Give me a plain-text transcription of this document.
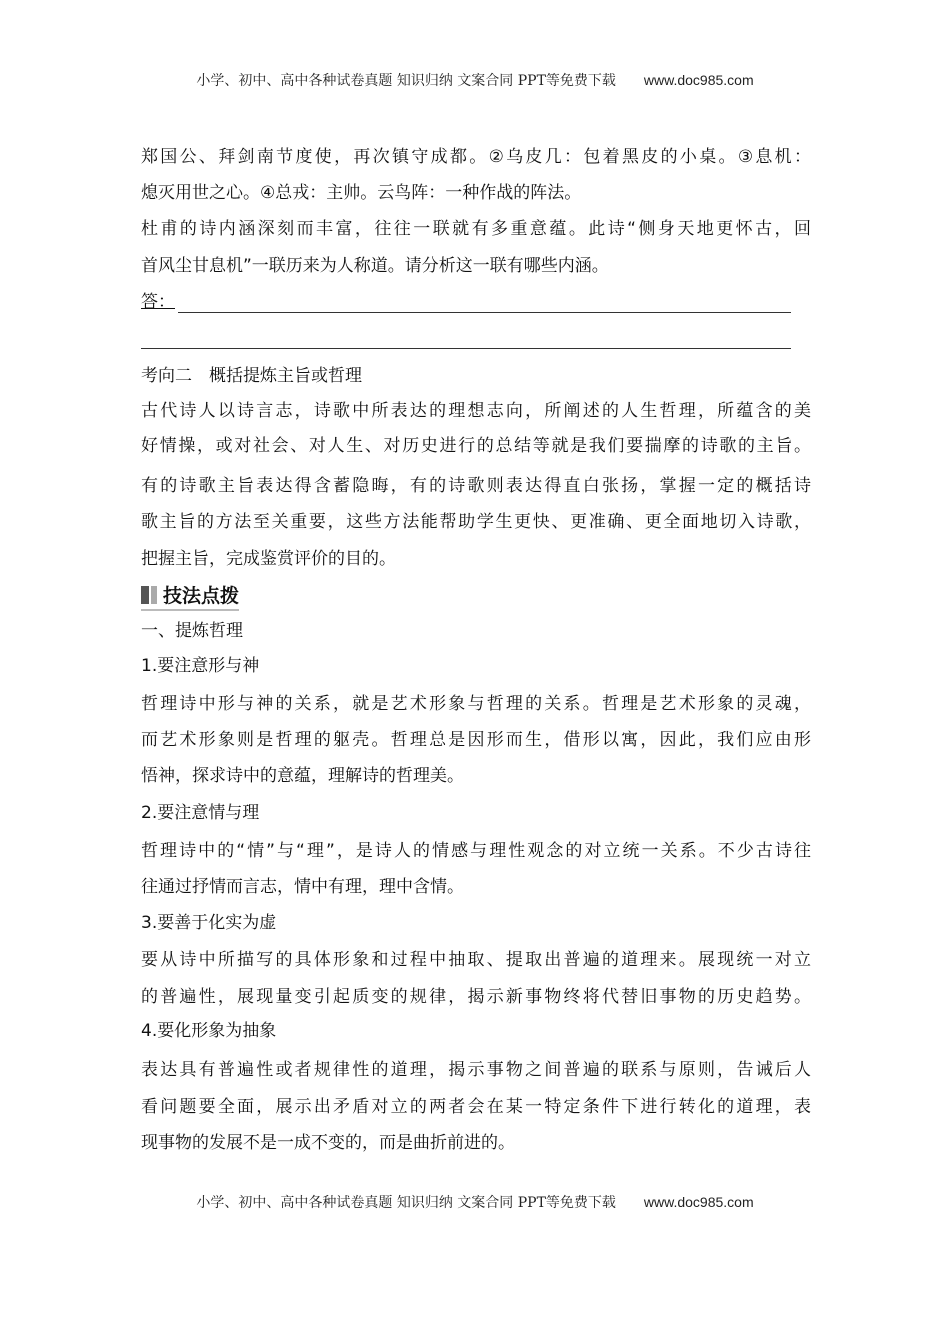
小学、初中、高中各种试卷真题 知识归纳 文案合同 PPT等免费下载 www.doc985.com
郑国公、拜剑南节度使，再次镇守成都。②乌皮几：包着黑皮的小桌。③息机：
熄灭用世之心。④总戎：主帅。云鸟阵：一种作战的阵法。
杜甫的诗内涵深刻而丰富，往往一联就有多重意蕴。此诗“侧身天地更怀古，回
首风尘甘息机”一联历来为人称道。请分析这一联有哪些内涵。
答：
考向二　概括提炼主旨或哲理
古代诗人以诗言志，诗歌中所表达的理想志向，所阐述的人生哲理，所蕴含的美
好情操，或对社会、对人生、对历史进行的总结等就是我们要揣摩的诗歌的主旨。
有的诗歌主旨表达得含蓄隐晦，有的诗歌则表达得直白张扬，掌握一定的概括诗
歌主旨的方法至关重要，这些方法能帮助学生更快、更准确、更全面地切入诗歌，
把握主旨，完成鉴赏评价的目的。
技法点拨
一、提炼哲理
1.要注意形与神
哲理诗中形与神的关系，就是艺术形象与哲理的关系。哲理是艺术形象的灵魂，
而艺术形象则是哲理的躯壳。哲理总是因形而生，借形以寓，因此，我们应由形
悟神，探求诗中的意蕴，理解诗的哲理美。
2.要注意情与理
哲理诗中的“情”与“理”，是诗人的情感与理性观念的对立统一关系。不少古诗往
往通过抒情而言志，情中有理，理中含情。
3.要善于化实为虚
要从诗中所描写的具体形象和过程中抽取、提取出普遍的道理来。展现统一对立
的普遍性，展现量变引起质变的规律，揭示新事物终将代替旧事物的历史趋势。
4.要化形象为抽象
表达具有普遍性或者规律性的道理，揭示事物之间普遍的联系与原则，告诫后人
看问题要全面，展示出矛盾对立的两者会在某一特定条件下进行转化的道理，表
现事物的发展不是一成不变的，而是曲折前进的。
小学、初中、高中各种试卷真题 知识归纳 文案合同 PPT等免费下载 www.doc985.com
